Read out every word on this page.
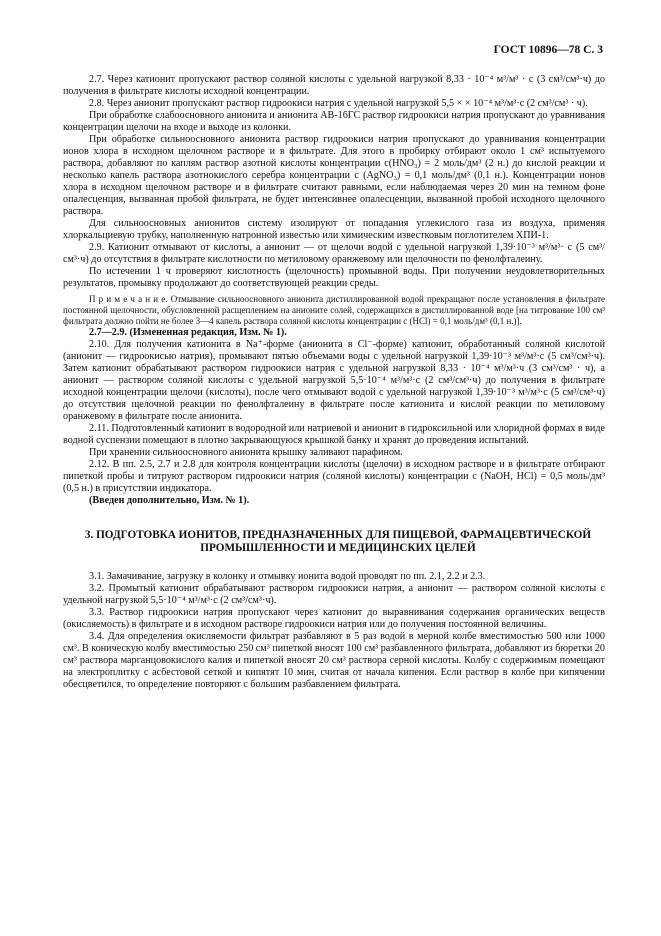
ГОСТ 10896—78 С. 3

2.7. Через катионит пропускают раствор соляной кислоты с удельной нагрузкой 8,33 · 10⁻⁴ м³/м³ · с (3 см³/см³·ч) до получения в фильтрате кислоты исходной концентрации.

2.8. Через анионит пропускают раствор гидроокиси натрия с удельной нагрузкой 5,5 × × 10⁻⁴ м³/м³·с (2 см³/см³ · ч).

При обработке слабоосновного анионита и анионита АВ-16ГС раствор гидроокиси натрия пропускают до уравнивания концентрации щелочи на входе и выходе из колонки.

При обработке сильноосновного анионита раствор гидроокиси натрия пропускают до уравнивания концентрации ионов хлора в исходном щелочном растворе и в фильтрате. Для этого в пробирку отбирают около 1 см³ испытуемого раствора, добавляют по каплям раствор азотной кислоты концентрации с(HNO₃) = 2 моль/дм³ (2 н.) до кислой реакции и несколько капель раствора азотнокислого серебра концентрации с (AgNO₃) = 0,1 моль/дм³ (0,1 н.). Концентрации ионов хлора в исходном щелочном растворе и в фильтрате считают равными, если наблюдаемая через 20 мин на темном фоне опалесценция, вызванная пробой фильтрата, не будет интенсивнее опалесценции, вызванной пробой исходного щелочного раствора.

Для сильноосновных анионитов систему изолируют от попадания углекислого газа из воздуха, применяя хлоркальциевую трубку, наполненную натронной известью или химическим известковым поглотителем ХПИ-1.

2.9. Катионит отмывают от кислоты, а анионит — от щелочи водой с удельной нагрузкой 1,39·10⁻³ м³/м³· с (5 см³/см³·ч) до отсутствия в фильтрате кислотности по метиловому оранжевому или щелочности по фенолфталеину.

По истечении 1 ч проверяют кислотность (щелочность) промывной воды. При получении неудовлетворительных результатов, промывку продолжают до соответствующей реакции среды.

П р и м е ч а н и е. Отмывание сильноосновного анионита дистиллированной водой прекращают после установления в фильтрате постоянной щелочности, обусловленной расщеплением на анионите солей, содержащихся в дистиллированной воде [на титрование 100 см³ фильтрата должно пойти не более 3—4 капель раствора соляной кислоты концентрации с (HCl) = 0,1 моль/дм³ (0,1 н.)].

2.7—2.9. (Измененная редакция, Изм. № 1).

2.10. Для получения катионита в Na⁺-форме (анионита в Cl⁻-форме) катионит, обработанный соляной кислотой (анионит — гидроокисью натрия), промывают пятью объемами воды с удельной нагрузкой 1,39·10⁻³ м³/м³·с (5 см³/см³·ч). Затем катионит обрабатывают раствором гидроокиси натрия с удельной нагрузкой 8,33 · 10⁻⁴ м³/м³·ч (3 см³/см³ · ч), а анионит — раствором соляной кислоты с удельной нагрузкой 5,5·10⁻⁴ м³/м³·с (2 см³/см³·ч) до получения в фильтрате исходной концентрации щелочи (кислоты), после чего отмывают водой с удельной нагрузкой 1,39·10⁻³ м³/м³·с (5 см³/см³·ч) до отсутствия щелочной реакции по фенолфталеину в фильтрате после катионита и кислой реакции по метиловому оранжевому в фильтрате после анионита.

2.11. Подготовленный катионит в водородной или натриевой и анионит в гидроксильной или хлоридной формах в виде водной суспензии помещают в плотно закрывающуюся крышкой банку и хранят до проведения испытаний.

При хранении сильноосновного анионита крышку заливают парафином.

2.12. В пп. 2.5, 2.7 и 2.8 для контроля концентрации кислоты (щелочи) в исходном растворе и в фильтрате отбирают пипеткой пробы и титруют раствором гидроокиси натрия (соляной кислоты) концентрации с (NaOH, HCl) = 0,5 моль/дм³ (0,5 н.) в присутствии индикатора.

(Введен дополнительно, Изм. № 1).

3. ПОДГОТОВКА ИОНИТОВ, ПРЕДНАЗНАЧЕННЫХ ДЛЯ ПИЩЕВОЙ, ФАРМАЦЕВТИЧЕСКОЙ ПРОМЫШЛЕННОСТИ И МЕДИЦИНСКИХ ЦЕЛЕЙ

3.1. Замачивание, загрузку в колонку и отмывку ионита водой проводят по пп. 2.1, 2.2 и 2.3.

3.2. Промытый катионит обрабатывают раствором гидроокиси натрия, а анионит — раствором соляной кислоты с удельной нагрузкой 5,5·10⁻⁴ м³/м³·с (2 см³/см³·ч).

3.3. Раствор гидроокиси натрия пропускают через катионит до выравнивания содержания органических веществ (окисляемость) в фильтрате и в исходном растворе гидроокиси натрия или до получения постоянной величины.

3.4. Для определения окисляемости фильтрат разбавляют в 5 раз водой в мерной колбе вместимостью 500 или 1000 см³. В коническую колбу вместимостью 250 см³ пипеткой вносят 100 см³ разбавленного фильтрата, добавляют из бюретки 20 см³ раствора марганцовокислого калия и пипеткой вносят 20 см³ раствора серной кислоты. Колбу с содержимым помещают на электроплитку с асбестовой сеткой и кипятят 10 мин, считая от начала кипения. Если раствор в колбе при кипячении обесцветился, то определение повторяют с большим разбавлением фильтрата.
